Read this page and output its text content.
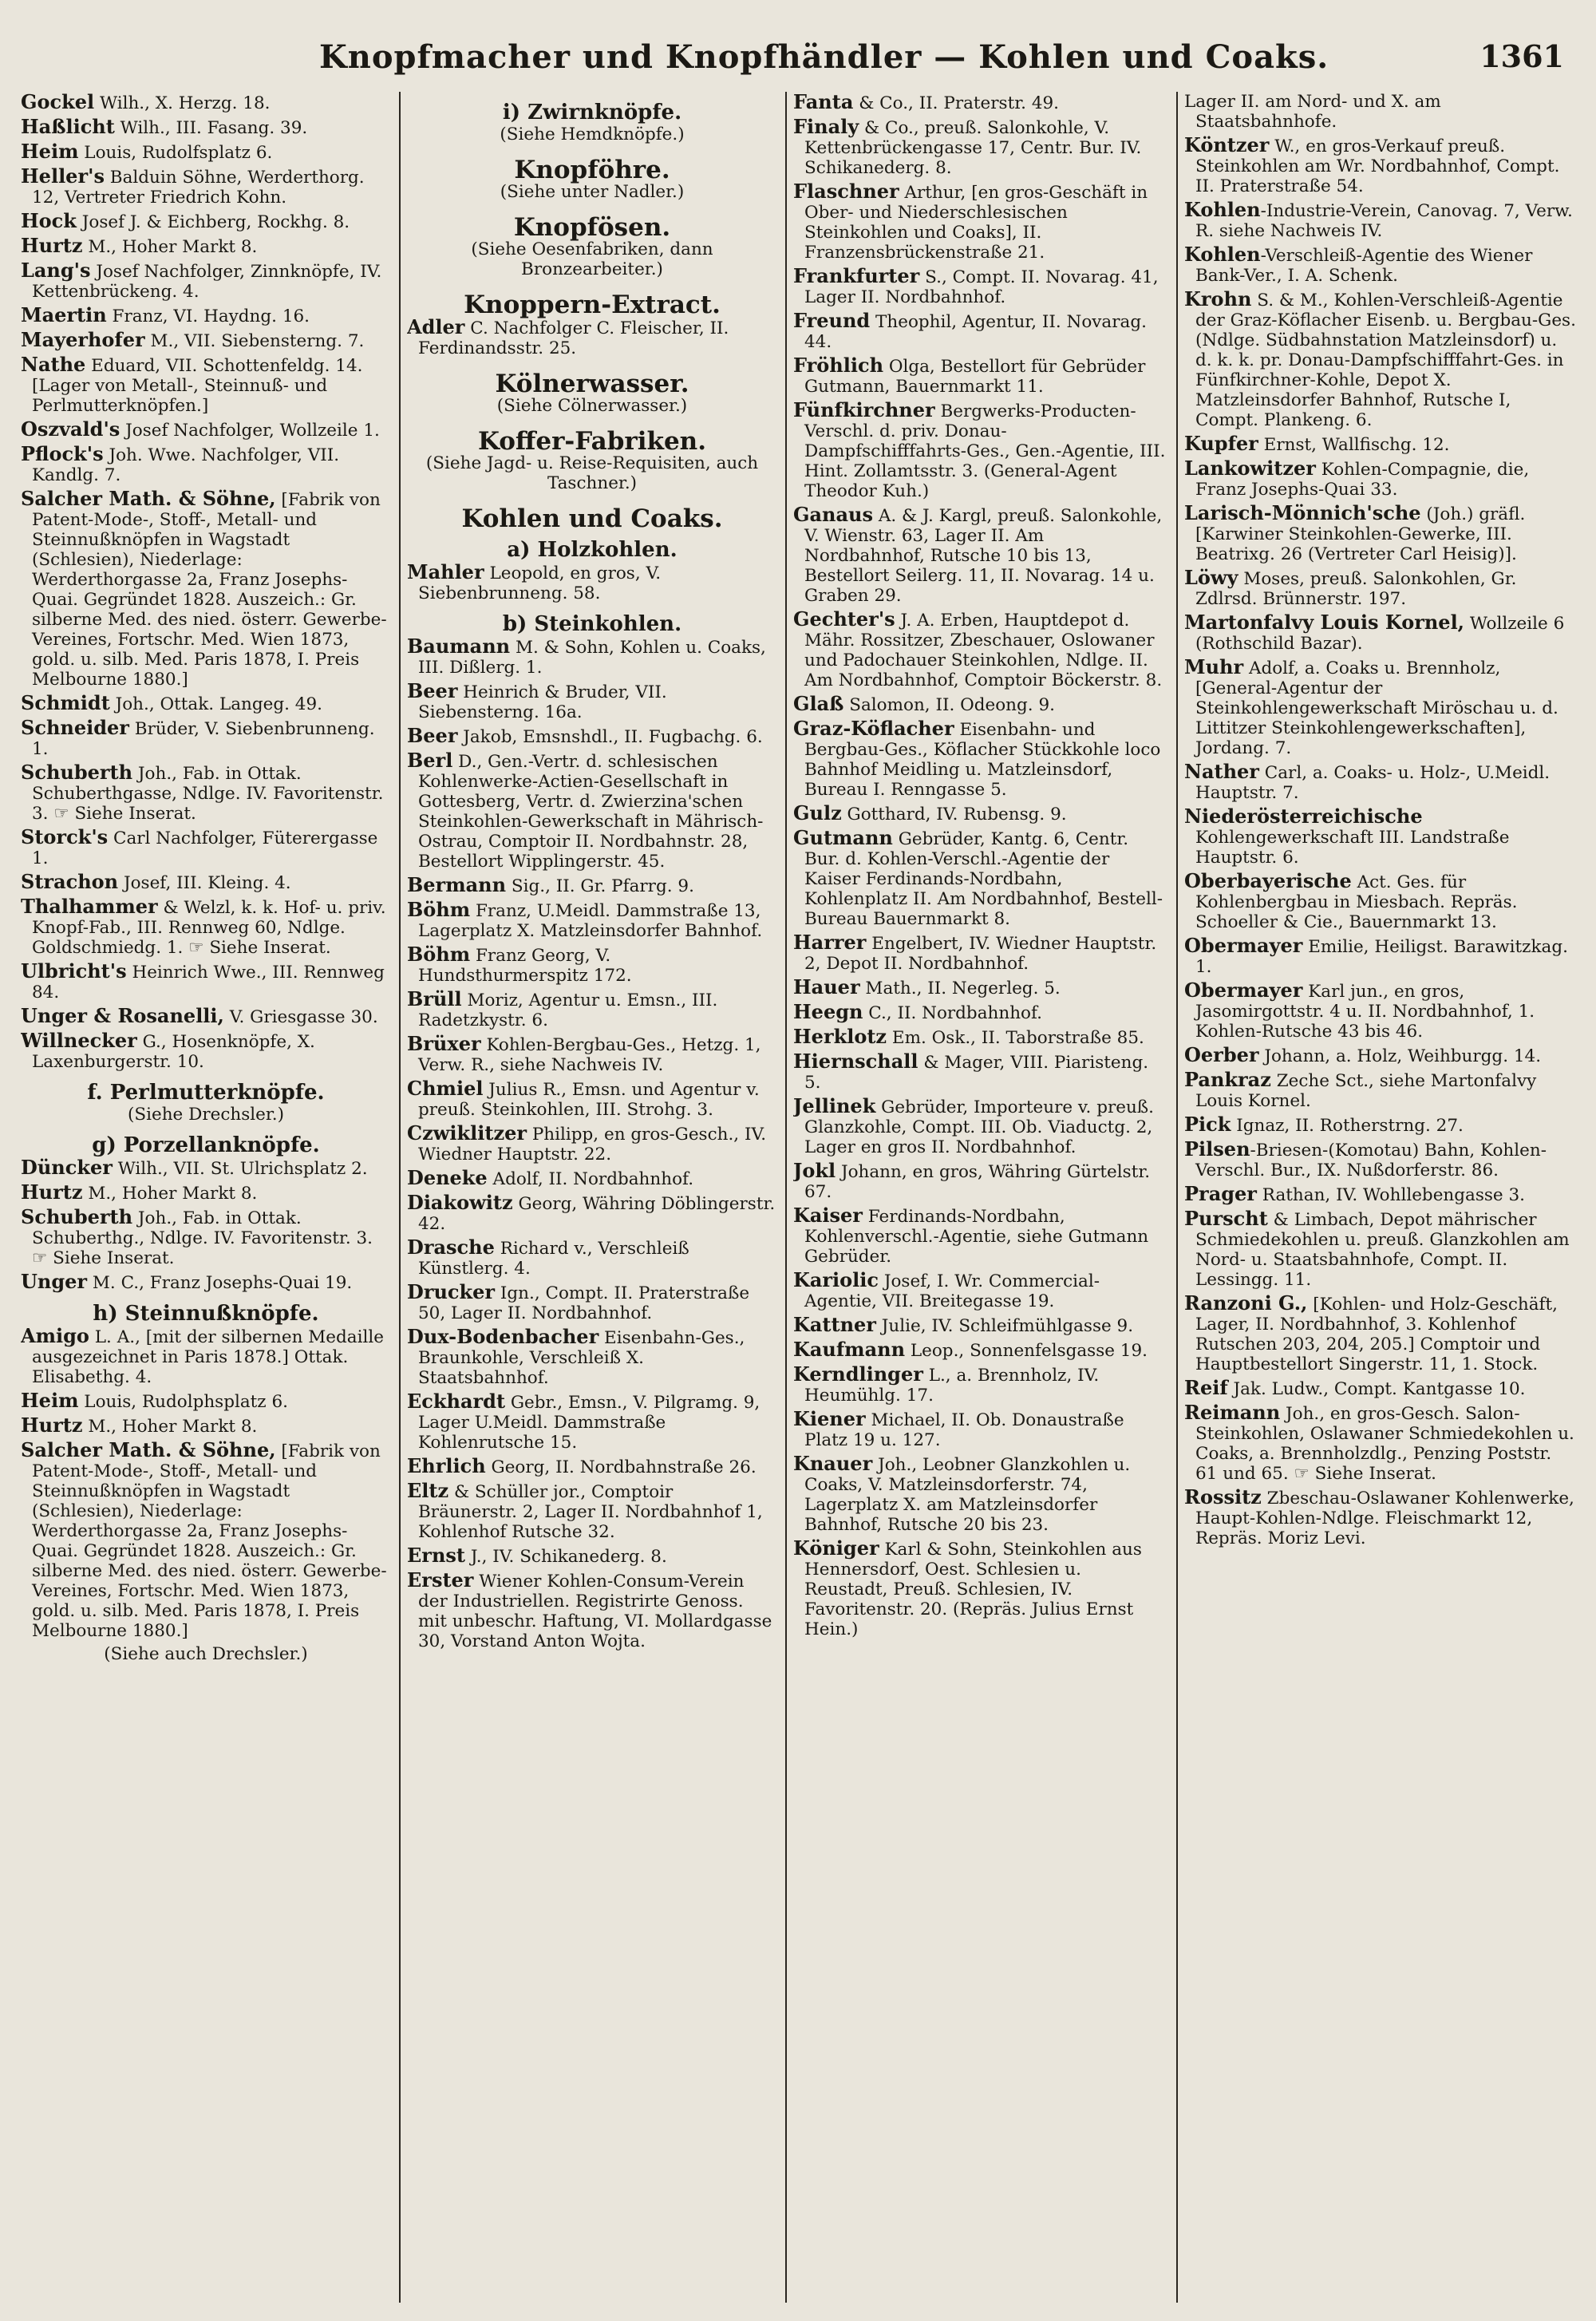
Knopfmacher und Knopfhändler — Kohlen und Coaks.	1361
Gockel Wilh., X. Herzg. 18.
Haßlicht Wilh., III. Fasang. 39.
Heim Louis, Rudolfsplatz 6.
Heller's Balduin Söhne, Werderthorg. 12, Vertreter Friedrich Kohn.
Hock Josef J. & Eichberg, Rockhg. 8.
Hurtz M., Hoher Markt 8.
Lang's Josef Nachfolger, Zinnknöpfe, IV. Kettenbrückeng. 4.
Maertin Franz, VI. Haydng. 16.
Mayerhofer M., VII. Siebensterng. 7.
Nathe Eduard, VII. Schottenfeldg. 14. [Lager von Metall-, Steinnuß- und Perlmutterknöpfen.]
Oszvald's Josef Nachfolger, Wollzeile 1.
Pflock's Joh. Wwe. Nachfolger, VII. Kandlg. 7.
Salcher Math. & Söhne, [Fabrik von Patent-Mode-, Stoff-, Metall- und Steinnußknöpfen in Wagstadt (Schlesien), Niederlage: Werderthorgasse 2a, Franz Josephs-Quai. Gegründet 1828. Auszeich.: Gr. silberne Med. des nied. österr. Gewerbe-Vereines, Fortschr. Med. Wien 1873, gold. u. silb. Med. Paris 1878, I. Preis Melbourne 1880.]
Schmidt Joh., Ottak. Langeg. 49.
Schneider Brüder, V. Siebenbrunneng. 1.
Schuberth Joh., Fab. in Ottak. Schuberthgasse, Ndlge. IV. Favoritenstr. 3. ☞ Siehe Inserat.
Storck's Carl Nachfolger, Füterergasse 1.
Strachon Josef, III. Kleing. 4.
Thalhammer & Welzl, k. k. Hof- u. priv. Knopf-Fab., III. Rennweg 60, Ndlge. Goldschmiedg. 1. ☞ Siehe Inserat.
Ulbricht's Heinrich Wwe., III. Rennweg 84.
Unger & Rosanelli, V. Griesgasse 30.
Willnecker G., Hosenknöpfe, X. Laxenburgerstr. 10.
f. Perlmutterknöpfe.
(Siehe Drechsler.)
g) Porzellanknöpfe.
Düncker Wilh., VII. St. Ulrichsplatz 2.
Hurtz M., Hoher Markt 8.
Schuberth Joh., Fab. in Ottak. Schuberthg., Ndlge. IV. Favoritenstr. 3. ☞ Siehe Inserat.
Unger M. C., Franz Josephs-Quai 19.
h) Steinnußknöpfe.
Amigo L. A., [mit der silbernen Medaille ausgezeichnet in Paris 1878.] Ottak. Elisabethg. 4.
Heim Louis, Rudolphsplatz 6.
Hurtz M., Hoher Markt 8.
Salcher Math. & Söhne, [Fabrik von Patent-Mode-, Stoff-, Metall- und Steinnußknöpfen in Wagstadt (Schlesien), Niederlage: Werderthorgasse 2a, Franz Josephs-Quai. Gegründet 1828. Auszeich.: Gr. silberne Med. des nied. österr. Gewerbe-Vereines, Fortschr. Med. Wien 1873, gold. u. silb. Med. Paris 1878, I. Preis Melbourne 1880.]
(Siehe auch Drechsler.)
i) Zwirnknöpfe.
(Siehe Hemdknöpfe.)
Knopföhre.
(Siehe unter Nadler.)
Knopfösen.
(Siehe Oesenfabriken, dann Bronzearbeiter.)
Knoppern-Extract.
Adler C. Nachfolger C. Fleischer, II. Ferdinandsstr. 25.
Kölnerwasser.
(Siehe Cölnerwasser.)
Koffer-Fabriken.
(Siehe Jagd- u. Reise-Requisiten, auch Taschner.)
Kohlen und Coaks.
a) Holzkohlen.
Mahler Leopold, en gros, V. Siebenbrunneng. 58.
b) Steinkohlen.
Baumann M. & Sohn, Kohlen u. Coaks, III. Dißlerg. 1.
Beer Heinrich & Bruder, VII. Siebensterng. 16a.
Beer Jakob, Emsnshdl., II. Fugbachg. 6.
Berl D., Gen.-Vertr. d. schlesischen Kohlenwerke-Actien-Gesellschaft in Gottesberg, Vertr. d. Zwierzina'schen Steinkohlen-Gewerkschaft in Mährisch-Ostrau, Comptoir II. Nordbahnstr. 28, Bestellort Wipplingerstr. 45.
Bermann Sig., II. Gr. Pfarrg. 9.
Böhm Franz, U.Meidl. Dammstraße 13, Lagerplatz X. Matzleinsdorfer Bahnhof.
Böhm Franz Georg, V. Hundsthurmerspitz 172.
Brüll Moriz, Agentur u. Emsn., III. Radetzkystr. 6.
Brüxer Kohlen-Bergbau-Ges., Hetzg. 1, Verw. R., siehe Nachweis IV.
Chmiel Julius R., Emsn. und Agentur v. preuß. Steinkohlen, III. Strohg. 3.
Czwiklitzer Philipp, en gros-Gesch., IV. Wiedner Hauptstr. 22.
Deneke Adolf, II. Nordbahnhof.
Diakowitz Georg, Währing Döblingerstr. 42.
Drasche Richard v., Verschleiß Künstlerg. 4.
Drucker Ign., Compt. II. Praterstraße 50, Lager II. Nordbahnhof.
Dux-Bodenbacher Eisenbahn-Ges., Braunkohle, Verschleiß X. Staatsbahnhof.
Eckhardt Gebr., Emsn., V. Pilgramg. 9, Lager U.Meidl. Dammstraße Kohlenrutsche 15.
Ehrlich Georg, II. Nordbahnstraße 26.
Eltz & Schüller jor., Comptoir Bräunerstr. 2, Lager II. Nordbahnhof 1, Kohlenhof Rutsche 32.
Ernst J., IV. Schikanederg. 8.
Erster Wiener Kohlen-Consum-Verein der Industriellen. Registrirte Genoss. mit unbeschr. Haftung, VI. Mollardgasse 30, Vorstand Anton Wojta.
Fanta & Co., II. Praterstr. 49.
Finaly & Co., preuß. Salonkohle, V. Kettenbrückengasse 17, Centr. Bur. IV. Schikanederg. 8.
Flaschner Arthur, [en gros-Geschäft in Ober- und Niederschlesischen Steinkohlen und Coaks], II. Franzensbrückenstraße 21.
Frankfurter S., Compt. II. Novarag. 41, Lager II. Nordbahnhof.
Freund Theophil, Agentur, II. Novarag. 44.
Fröhlich Olga, Bestellort für Gebrüder Gutmann, Bauernmarkt 11.
Fünfkirchner Bergwerks-Producten-Verschl. d. priv. Donau-Dampfschifffahrts-Ges., Gen.-Agentie, III. Hint. Zollamtsstr. 3. (General-Agent Theodor Kuh.)
Ganaus A. & J. Kargl, preuß. Salonkohle, V. Wienstr. 63, Lager II. Am Nordbahnhof, Rutsche 10 bis 13, Bestellort Seilerg. 11, II. Novarag. 14 u. Graben 29.
Gechter's J. A. Erben, Hauptdepot d. Mähr. Rossitzer, Zbeschauer, Oslowaner und Padochauer Steinkohlen, Ndlge. II. Am Nordbahnhof, Comptoir Böckerstr. 8.
Glaß Salomon, II. Odeong. 9.
Graz-Köflacher Eisenbahn- und Bergbau-Ges., Köflacher Stückkohle loco Bahnhof Meidling u. Matzleinsdorf, Bureau I. Renngasse 5.
Gulz Gotthard, IV. Rubensg. 9.
Gutmann Gebrüder, Kantg. 6, Centr. Bur. d. Kohlen-Verschl.-Agentie der Kaiser Ferdinands-Nordbahn, Kohlenplatz II. Am Nordbahnhof, Bestell-Bureau Bauernmarkt 8.
Harrer Engelbert, IV. Wiedner Hauptstr. 2, Depot II. Nordbahnhof.
Hauer Math., II. Negerleg. 5.
Heegn C., II. Nordbahnhof.
Herklotz Em. Osk., II. Taborstraße 85.
Hiernschall & Mager, VIII. Piaristeng. 5.
Jellinek Gebrüder, Importeure v. preuß. Glanzkohle, Compt. III. Ob. Viaductg. 2, Lager en gros II. Nordbahnhof.
Jokl Johann, en gros, Währing Gürtelstr. 67.
Kaiser Ferdinands-Nordbahn, Kohlenverschl.-Agentie, siehe Gutmann Gebrüder.
Kariolic Josef, I. Wr. Commercial-Agentie, VII. Breitegasse 19.
Kattner Julie, IV. Schleifmühlgasse 9.
Kaufmann Leop., Sonnenfelsgasse 19.
Kerndlinger L., a. Brennholz, IV. Heumühlg. 17.
Kiener Michael, II. Ob. Donaustraße Platz 19 u. 127.
Knauer Joh., Leobner Glanzkohlen u. Coaks, V. Matzleinsdorferstr. 74, Lagerplatz X. am Matzleinsdorfer Bahnhof, Rutsche 20 bis 23.
Königer Karl & Sohn, Steinkohlen aus Hennersdorf, Oest. Schlesien u. Reustadt, Preuß. Schlesien, IV. Favoritenstr. 20. (Repräs. Julius Ernst Hein.)
Lager II. am Nord- und X. am Staatsbahnhofe.
Köntzer W., en gros-Verkauf preuß. Steinkohlen am Wr. Nordbahnhof, Compt. II. Praterstraße 54.
Kohlen-Industrie-Verein, Canovag. 7, Verw. R. siehe Nachweis IV.
Kohlen-Verschleiß-Agentie des Wiener Bank-Ver., I. A. Schenk.
Krohn S. & M., Kohlen-Verschleiß-Agentie der Graz-Köflacher Eisenb. u. Bergbau-Ges. (Ndlge. Südbahnstation Matzleinsdorf) u. d. k. k. pr. Donau-Dampfschifffahrt-Ges. in Fünfkirchner-Kohle, Depot X. Matzleinsdorfer Bahnhof, Rutsche I, Compt. Plankeng. 6.
Kupfer Ernst, Wallfischg. 12.
Lankowitzer Kohlen-Compagnie, die, Franz Josephs-Quai 33.
Larisch-Mönnich'sche (Joh.) gräfl. [Karwiner Steinkohlen-Gewerke, III. Beatrixg. 26 (Vertreter Carl Heisig)].
Löwy Moses, preuß. Salonkohlen, Gr. Zdlrsd. Brünnerstr. 197.
Martonfalvy Louis Kornel, Wollzeile 6 (Rothschild Bazar).
Muhr Adolf, a. Coaks u. Brennholz, [General-Agentur der Steinkohlengewerkschaft Miröschau u. d. Littitzer Steinkohlengewerkschaften], Jordang. 7.
Nather Carl, a. Coaks- u. Holz-, U.Meidl. Hauptstr. 7.
Niederösterreichische Kohlengewerkschaft III. Landstraße Hauptstr. 6.
Oberbayerische Act. Ges. für Kohlenbergbau in Miesbach. Repräs. Schoeller & Cie., Bauernmarkt 13.
Obermayer Emilie, Heiligst. Barawitzkag. 1.
Obermayer Karl jun., en gros, Jasomirgottstr. 4 u. II. Nordbahnhof, 1. Kohlen-Rutsche 43 bis 46.
Oerber Johann, a. Holz, Weihburgg. 14.
Pankraz Zeche Sct., siehe Martonfalvy Louis Kornel.
Pick Ignaz, II. Rotherstrng. 27.
Pilsen-Briesen-(Komotau) Bahn, Kohlen-Verschl. Bur., IX. Nußdorferstr. 86.
Prager Rathan, IV. Wohllebengasse 3.
Purscht & Limbach, Depot mährischer Schmiedekohlen u. preuß. Glanzkohlen am Nord- u. Staatsbahnhofe, Compt. II. Lessingg. 11.
Ranzoni G., [Kohlen- und Holz-Geschäft, Lager, II. Nordbahnhof, 3. Kohlenhof Rutschen 203, 204, 205.] Comptoir und Hauptbestellort Singerstr. 11, 1. Stock.
Reif Jak. Ludw., Compt. Kantgasse 10.
Reimann Joh., en gros-Gesch. Salon-Steinkohlen, Oslawaner Schmiedekohlen u. Coaks, a. Brennholzdlg., Penzing Poststr. 61 und 65. ☞ Siehe Inserat.
Rossitz Zbeschau-Oslawaner Kohlenwerke, Haupt-Kohlen-Ndlge. Fleischmarkt 12, Repräs. Moriz Levi.
